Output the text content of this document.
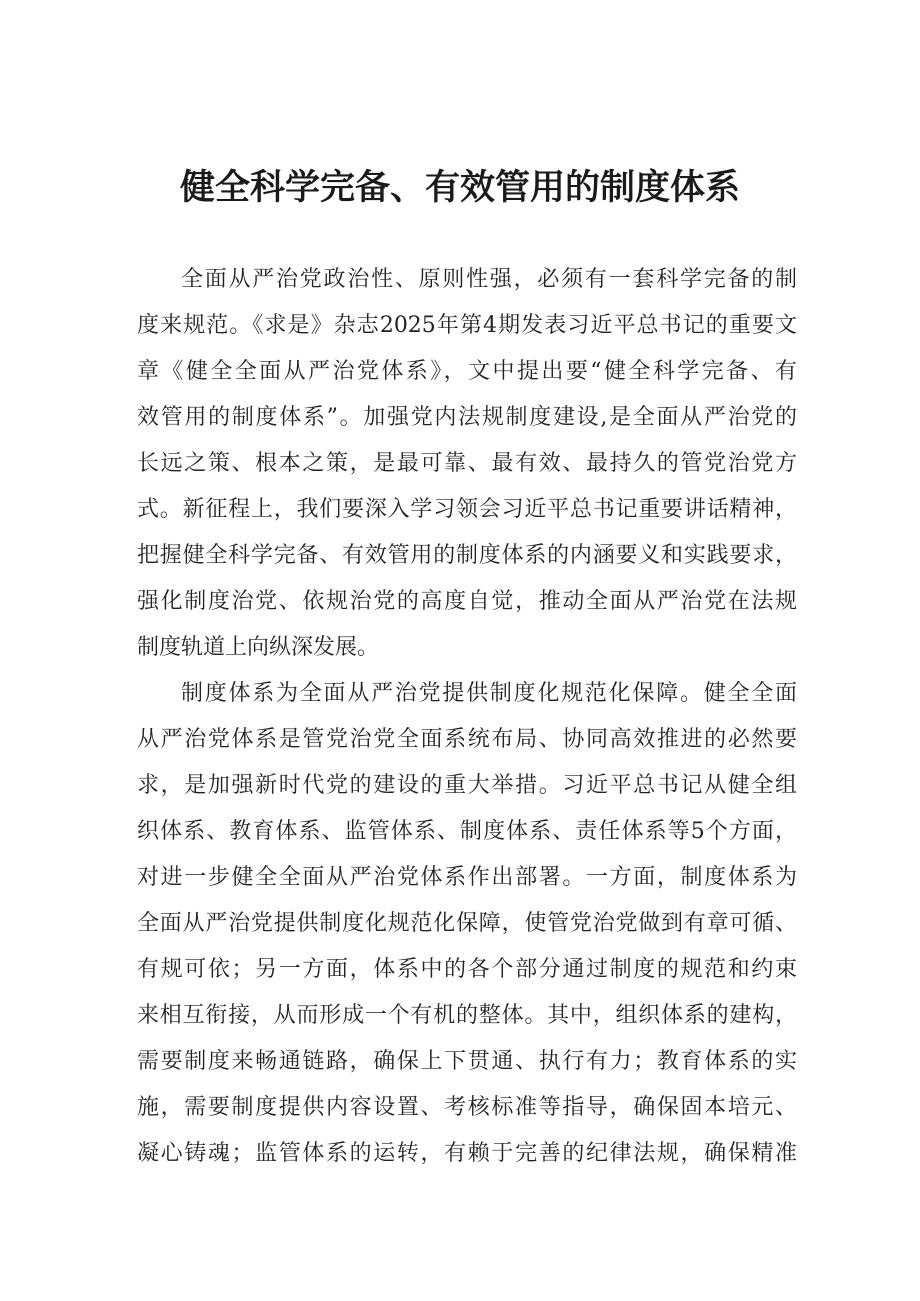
健全科学完备、有效管用的制度体系
全面从严治党政治性、原则性强，必须有一套科学完备的制
度来规范。《求是》杂志2025年第4期发表习近平总书记的重要文
章《健全全面从严治党体系》，文中提出要“健全科学完备、有
效管用的制度体系”。加强党内法规制度建设,是全面从严治党的
长远之策、根本之策，是最可靠、最有效、最持久的管党治党方
式。新征程上，我们要深入学习领会习近平总书记重要讲话精神，
把握健全科学完备、有效管用的制度体系的内涵要义和实践要求，
强化制度治党、依规治党的高度自觉，推动全面从严治党在法规
制度轨道上向纵深发展。
制度体系为全面从严治党提供制度化规范化保障。健全全面
从严治党体系是管党治党全面系统布局、协同高效推进的必然要
求，是加强新时代党的建设的重大举措。习近平总书记从健全组
织体系、教育体系、监管体系、制度体系、责任体系等5个方面，
对进一步健全全面从严治党体系作出部署。一方面，制度体系为
全面从严治党提供制度化规范化保障，使管党治党做到有章可循、
有规可依；另一方面，体系中的各个部分通过制度的规范和约束
来相互衔接，从而形成一个有机的整体。其中，组织体系的建构，
需要制度来畅通链路，确保上下贯通、执行有力；教育体系的实
施，需要制度提供内容设置、考核标准等指导，确保固本培元、
凝心铸魂；监管体系的运转，有赖于完善的纪律法规，确保精准
